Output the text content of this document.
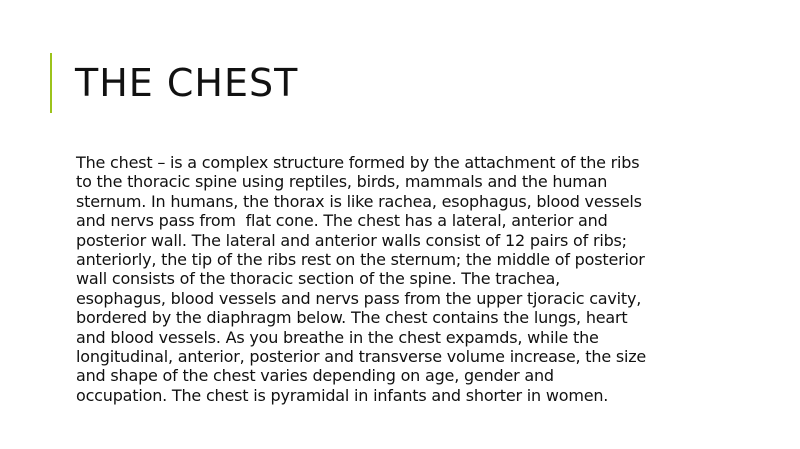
THE CHEST
The chest – is a complex structure formed by the attachment of the ribs
to the thoracic spine using reptiles, birds, mammals and the human
sternum. In humans, the thorax is like rachea, esophagus, blood vessels
and nervs pass from  flat cone. The chest has a lateral, anterior and
posterior wall. The lateral and anterior walls consist of 12 pairs of ribs;
anteriorly, the tip of the ribs rest on the sternum; the middle of posterior
wall consists of the thoracic section of the spine. The trachea,
esophagus, blood vessels and nervs pass from the upper tjoracic cavity,
bordered by the diaphragm below. The chest contains the lungs, heart
and blood vessels. As you breathe in the chest expamds, while the
longitudinal, anterior, posterior and transverse volume increase, the size
and shape of the chest varies depending on age, gender and
occupation. The chest is pyramidal in infants and shorter in women.
